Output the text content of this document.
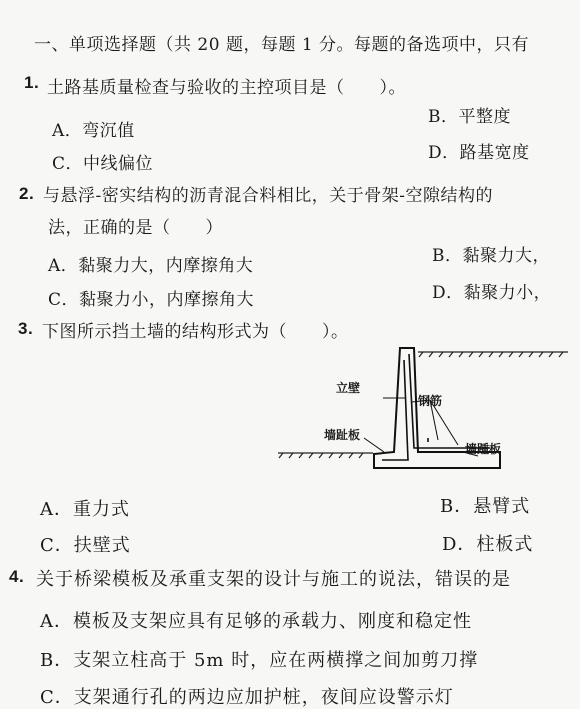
一、单项选择题（共 20 题，每题 1 分。每题的备选项中，只有
1. 土路基质量检查与验收的主控项目是（　　）。
A．弯沉值
B．平整度
C．中线偏位
D．路基宽度
2. 与悬浮-密实结构的沥青混合料相比，关于骨架-空隙结构的
法，正确的是（　　）
A．黏聚力大，内摩擦角大	B．黏聚力大，
C．黏聚力小，内摩擦角大	D．黏聚力小，
3. 下图所示挡土墙的结构形式为（　　）。
立壁
钢筋
墙趾板
墙踵板
A．重力式	B．悬臂式
C．扶壁式	D．柱板式
4. 关于桥梁模板及承重支架的设计与施工的说法，错误的是
A．模板及支架应具有足够的承载力、刚度和稳定性
B．支架立柱高于 5m 时，应在两横撑之间加剪刀撑
C．支架通行孔的两边应加护桩，夜间应设警示灯
